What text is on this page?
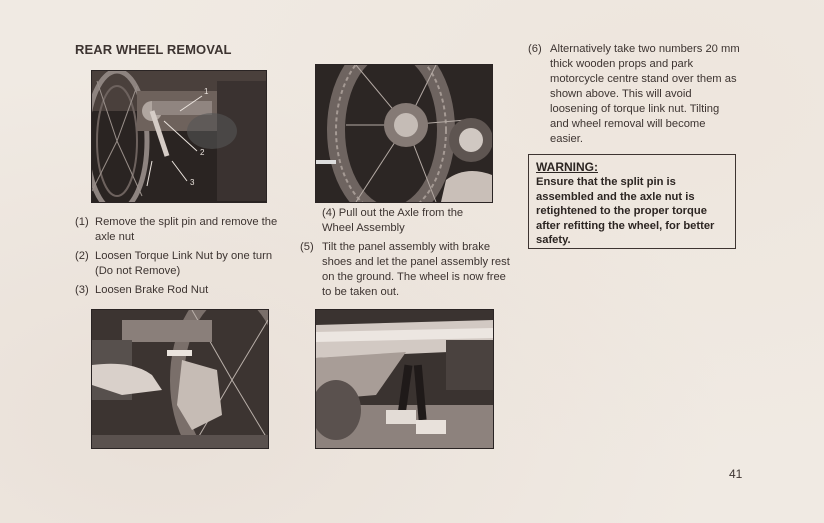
REAR WHEEL REMOVAL
1
2
3
(1) Remove the split pin and remove the axle nut
(2) Loosen Torque Link Nut by one turn (Do not Remove)
(3) Loosen Brake Rod Nut
(4) Pull out the Axle from the Wheel Assembly
(5) Tilt the panel assembly with brake shoes and let the panel assembly rest on the ground. The wheel is now free to be taken out.
(6) Alternatively take two numbers 20 mm thick wooden props and park motorcycle centre stand over them as shown above. This will avoid loosening of torque link nut. Tilting and wheel removal will become easier.
WARNING:
Ensure that the split pin is assembled and the axle nut is retightened to the proper torque after refitting the wheel, for better safety.
41
